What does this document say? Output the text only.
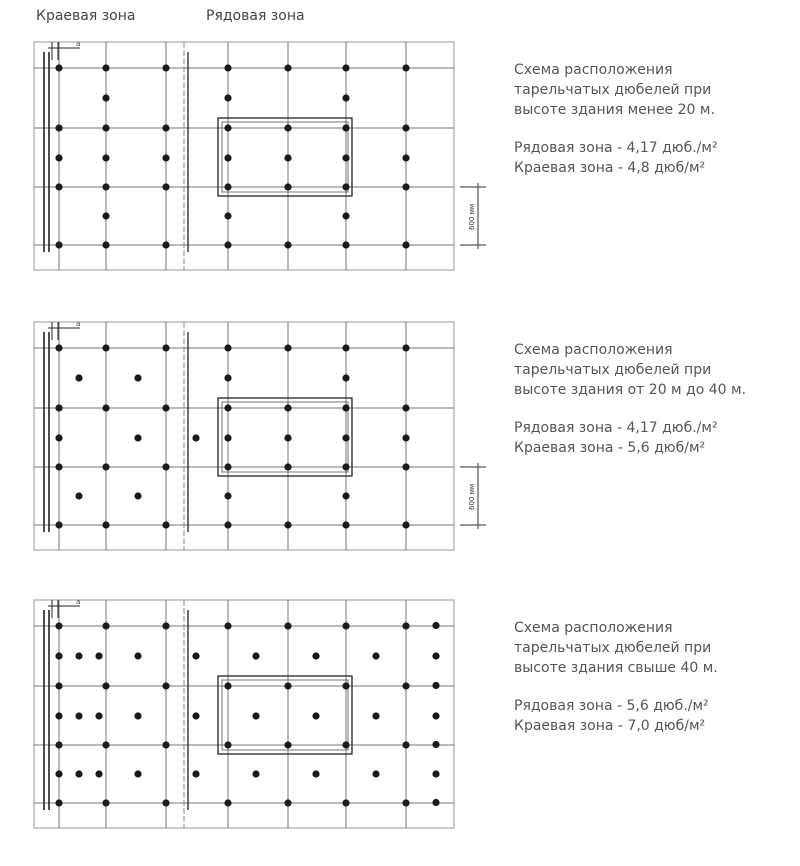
Краевая зона	Рядовая зона
a
600 мм

Схема расположения

тарельчатых дюбелей при

высоте здания менее 20 м.

Рядовая зона - 4,17 дюб./м²

Краевая зона - 4,8 дюб/м²

a
600 мм

Схема расположения

тарельчатых дюбелей при

высоте здания от 20 м до 40 м.

Рядовая зона - 4,17 дюб./м²

Краевая зона - 5,6 дюб/м²

a

Схема расположения

тарельчатых дюбелей при

высоте здания свыше 40 м.

Рядовая зона - 5,6 дюб./м²

Краевая зона - 7,0 дюб/м²
